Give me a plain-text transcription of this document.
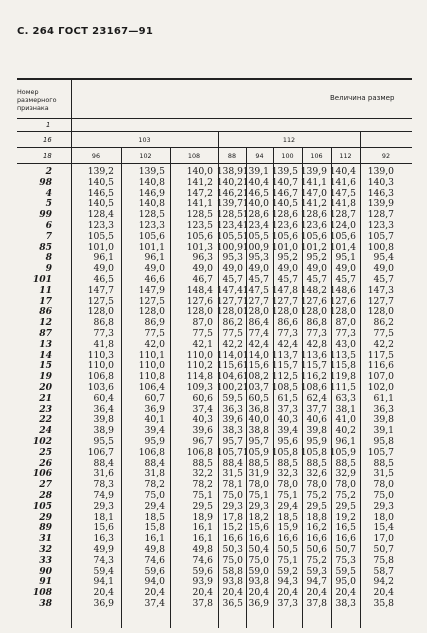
С. 264 ГОСТ 23167—91
Номер размерного признака
Величина размер
1
16
18
103	112
96	102	108	88	94	100	106	112	92
2	139,2	139,5	140,0 138,9 139,1 139,5 139,9 140,4	139,0
98	140,5	140,8	141,2 140,2 140,4 140,7 141,1 141,6	140,3
4	146,5	146,9	147,2 146,2 146,5 146,7 147,0 147,5	146,3
5	140,5	140,8	141,1 139,7 140,0 140,5 141,2 141,8	139,9
99	128,4	128,5	128,5 128,5 128,6 128,6 128,6 128,7	128,7
6	123,3	123,3	123,5 123,4 123,4 123,6 123,6 124,0	123,3
7	105,5	105,6	105,6 105,5 105,5 105,6 105,6 105,6	105,7
85	101,0	101,1	101,3 100,9 100,9 101,0 101,2 101,4	100,8
8	96,1	96,1	96,3	95,3 95,3 95,2 95,2 95,1	95,4
9	49,0	49,0	49,0	49,0 49,0 49,0 49,0 49,0	49,0
101	46,5	46,6	46,7	45,7 45,7 45,7 45,7 45,7	45,7
11	147,7	147,9	148,4 147,4 147,5 147,8 148,2 148,6	147,3
17	127,5	127,5	127,6 127,7 127,7 127,7 127,6 127,6	127,7
86	128,0	128,0	128,0 128,0 128,0 128,0 128,0 128,0	128,0
12	86,8	86,9	87,0	86,2 86,4 86,6 86,8 87,0	86,2
87	77,3	77,5	77,5	77,5 77,4 77,3 77,3 77,3	77,5
13	41,8	42,0	42,1	42,2 42,4 42,4 42,8 43,0	42,2
14	110,3	110,1	110,0 114,0 114,0 113,7 113,6 113,5	117,5
15	110,0	110,0	110,2 115,6 115,6 115,7 115,7 115,8	116,6
19	106,8	110,8	114,8 104,6 108,2 112,5 116,2 119,8	107,0
20	103,6	106,4	109,3 100,2 103,7 108,5 108,6 111,5	102,0
21	60,4	60,7	60,6	59,5 60,5 61,5 62,4 63,3	61,1
23	36,4	36,9	37,4	36,3 36,8 37,3 37,7 38,1	36,3
22	39,8	40,1	40,3	39,6 40,0 40,3 40,6 41,0	39,8
24	38,9	39,4	39,6	38,3 38,8 39,4 39,8 40,2	39,1
102	95,5	95,9	96,7	95,7 95,7 95,6 95,9 96,1	95,8
25	106,7	106,8	106,8 105,7 105,9 105,8 105,8 105,9	105,7
26	88,4	88,4	88,5	88,4 88,5 88,5 88,5 88,5	88,5
106	31,6	31,8	32,2	31,5 31,9 32,3 32,6 32,9	31,5
27	78,3	78,2	78,2	78,1 78,0 78,0 78,0 78,0	78,0
28	74,9	75,0	75,1	75,0 75,1 75,1 75,2 75,2	75,0
105	29,3	29,4	29,5	29,3 29,3 29,4 29,5 29,5	29,3
29	18,1	18,5	18,9	17,8 18,2 18,5 18,8 19,2	18,0
89	15,6	15,8	16,1	15,2 15,6 15,9 16,2 16,5	15,4
31	16,3	16,1	16,1	16,6 16,6 16,6 16,6 16,6	17,0
32	49,9	49,8	49,8	50,3 50,4 50,5 50,6 50,7	50,7
33	74,3	74,6	74,6	75,0 75,0 75,1 75,2 75,3	75,8
90	59,4	59,6	59,6	58,8 59,0 59,2 59,3 59,5	58,7
91	94,1	94,0	93,9	93,8 93,8 94,3 94,7 95,0	94,2
108	20,4	20,4	20,4	20,4 20,4 20,4 20,4 20,4	20,4
38	36,9	37,4	37,8	36,5 36,9 37,3 37,8 38,3	35,8
